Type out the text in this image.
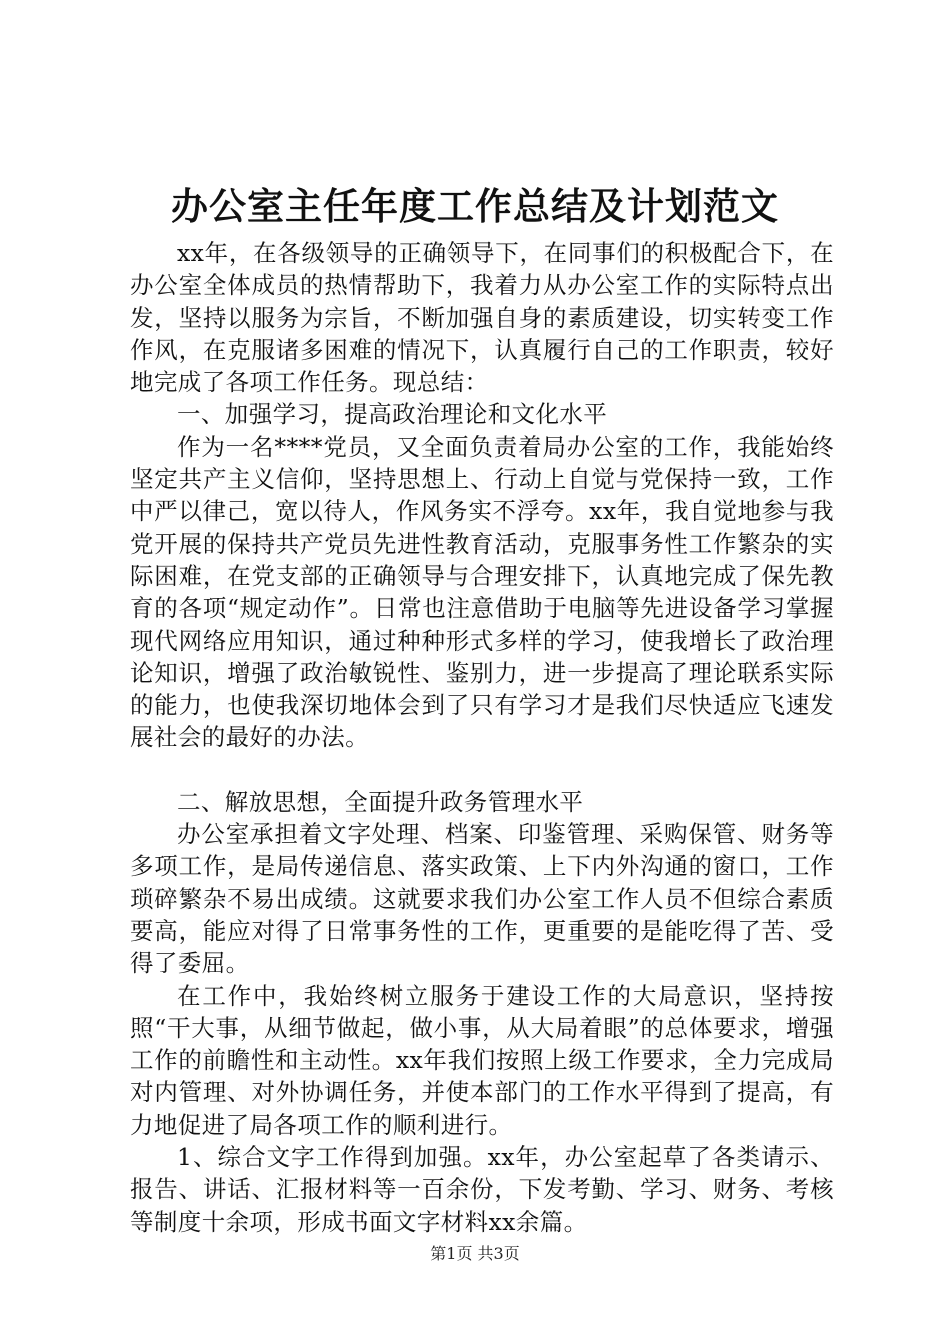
办公室主任年度工作总结及计划范文

xx年，在各级领导的正确领导下，在同事们的积极配合下，在办公室全体成员的热情帮助下，我着力从办公室工作的实际特点出发，坚持以服务为宗旨，不断加强自身的素质建设，切实转变工作作风，在克服诸多困难的情况下，认真履行自己的工作职责，较好地完成了各项工作任务。现总结：

一、加强学习，提高政治理论和文化水平

作为一名****党员，又全面负责着局办公室的工作，我能始终坚定共产主义信仰，坚持思想上、行动上自觉与党保持一致，工作中严以律己，宽以待人，作风务实不浮夸。xx年，我自觉地参与我党开展的保持共产党员先进性教育活动，克服事务性工作繁杂的实际困难，在党支部的正确领导与合理安排下，认真地完成了保先教育的各项“规定动作”。日常也注意借助于电脑等先进设备学习掌握现代网络应用知识，通过种种形式多样的学习，使我增长了政治理论知识，增强了政治敏锐性、鉴别力，进一步提高了理论联系实际的能力，也使我深切地体会到了只有学习才是我们尽快适应飞速发展社会的最好的办法。

二、解放思想，全面提升政务管理水平

办公室承担着文字处理、档案、印鉴管理、采购保管、财务等多项工作，是局传递信息、落实政策、上下内外沟通的窗口，工作琐碎繁杂不易出成绩。这就要求我们办公室工作人员不但综合素质要高，能应对得了日常事务性的工作，更重要的是能吃得了苦、受得了委屈。

在工作中，我始终树立服务于建设工作的大局意识，坚持按照“干大事，从细节做起，做小事，从大局着眼”的总体要求，增强工作的前瞻性和主动性。xx年我们按照上级工作要求，全力完成局对内管理、对外协调任务，并使本部门的工作水平得到了提高，有力地促进了局各项工作的顺利进行。

1、综合文字工作得到加强。xx年，办公室起草了各类请示、报告、讲话、汇报材料等一百余份，下发考勤、学习、财务、考核等制度十余项，形成书面文字材料xx余篇。

第1页 共3页
